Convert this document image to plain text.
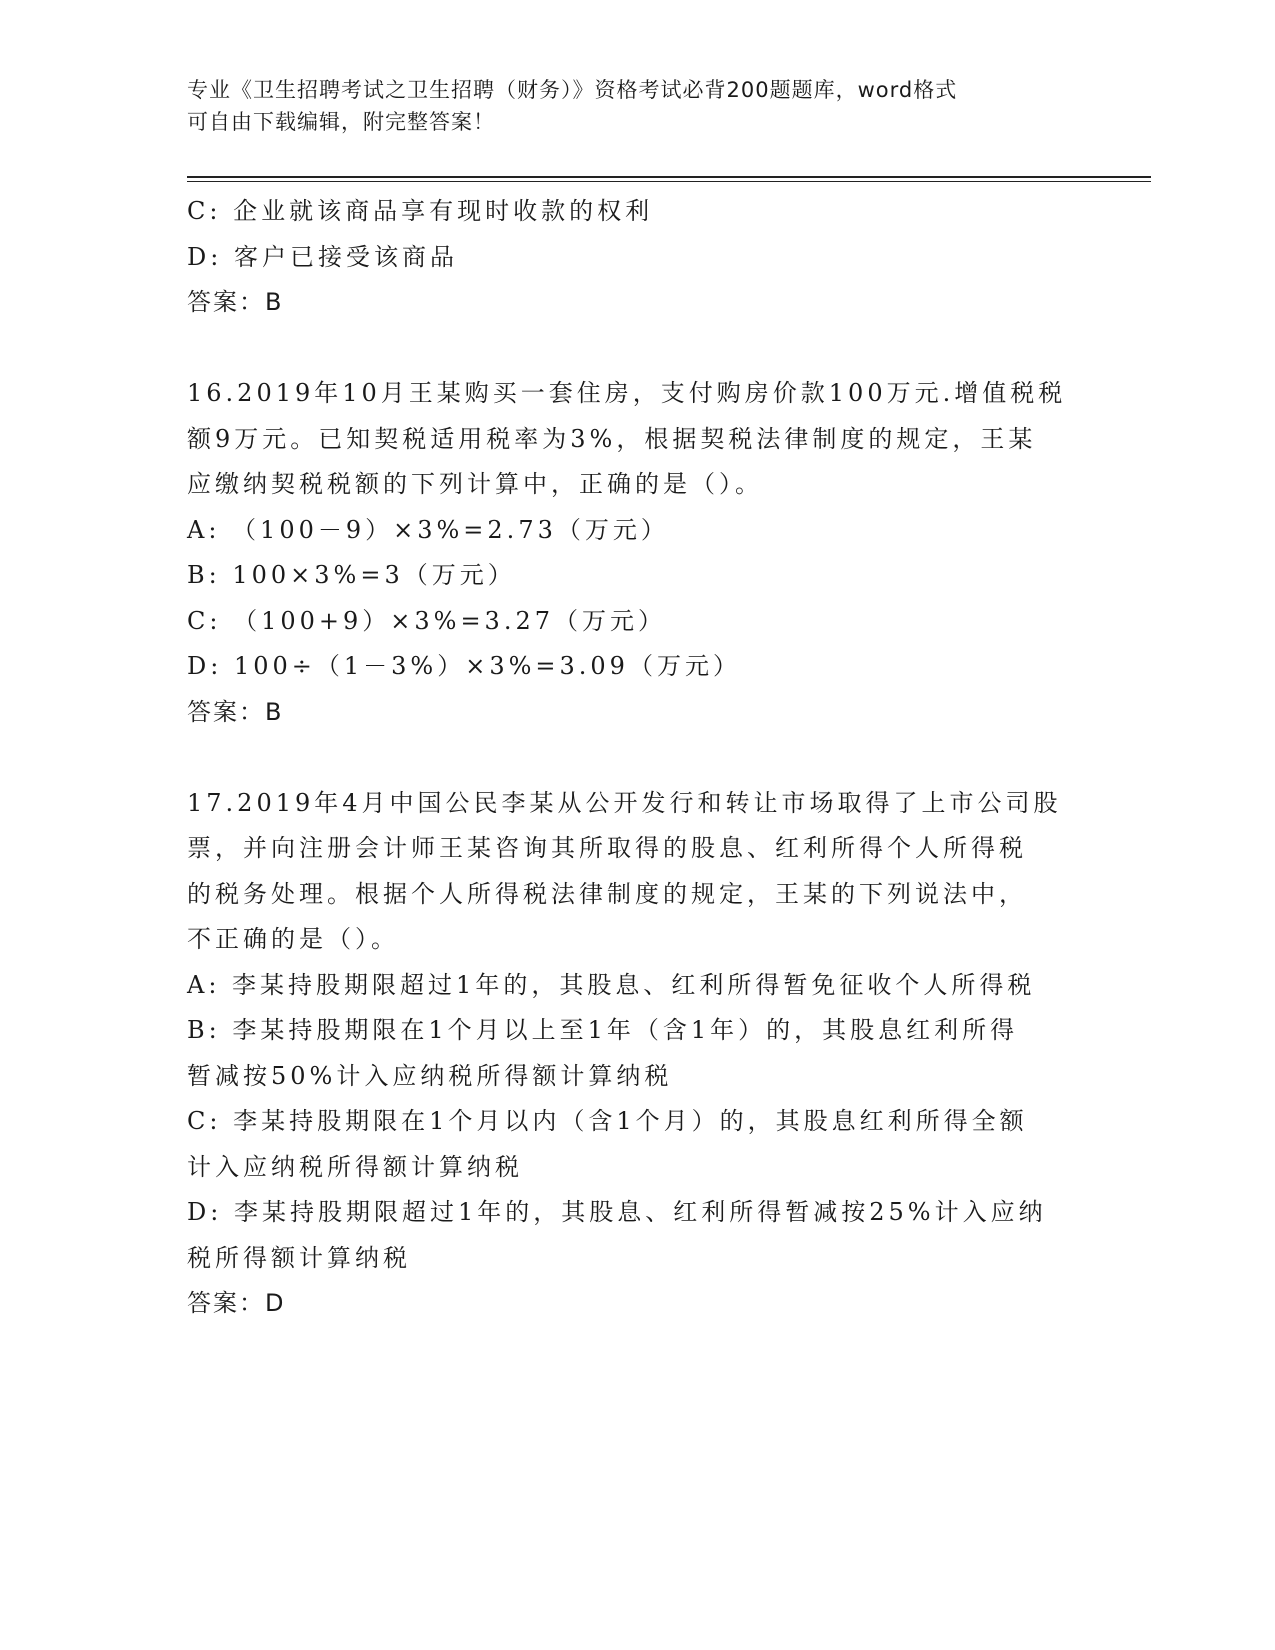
专业《卫生招聘考试之卫生招聘（财务）》资格考试必背200题题库，word格式
可自由下载编辑，附完整答案！
C: 企业就该商品享有现时收款的权利
D: 客户已接受该商品
答案：B
16.2019年10月王某购买一套住房，支付购房价款100万元.增值税税
额9万元。已知契税适用税率为3%，根据契税法律制度的规定，王某
应缴纳契税税额的下列计算中，正确的是（）。
A: （100－9）×3%=2.73（万元）
B: 100×3%=3（万元）
C: （100+9）×3%=3.27（万元）
D: 100÷（1－3%）×3%=3.09（万元）
答案：B
17.2019年4月中国公民李某从公开发行和转让市场取得了上市公司股
票，并向注册会计师王某咨询其所取得的股息、红利所得个人所得税
的税务处理。根据个人所得税法律制度的规定，王某的下列说法中，
不正确的是（）。
A: 李某持股期限超过1年的，其股息、红利所得暂免征收个人所得税
B: 李某持股期限在1个月以上至1年（含1年）的，其股息红利所得
暂减按50%计入应纳税所得额计算纳税
C: 李某持股期限在1个月以内（含1个月）的，其股息红利所得全额
计入应纳税所得额计算纳税
D: 李某持股期限超过1年的，其股息、红利所得暂减按25%计入应纳
税所得额计算纳税
答案：D
